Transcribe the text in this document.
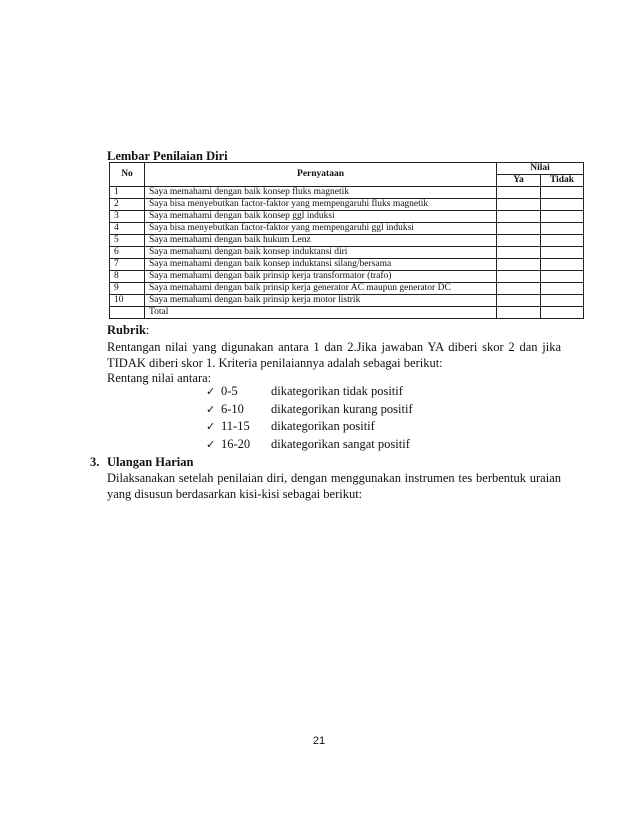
Lembar Penilaian Diri
No	Pernyataan	Nilai	
		Ya	Tidak
1	Saya memahami dengan baik konsep fluks magnetik		
2	Saya bisa menyebutkan factor-faktor yang mempengaruhi fluks magnetik		
3	Saya memahami dengan baik konsep ggl induksi		
4	Saya bisa menyebutkan factor-faktor yang mempengaruhi ggl induksi		
5	Saya memahami dengan baik hukum Lenz		
6	Saya memahami dengan baik konsep induktansi diri		
7	Saya memahami dengan baik konsep induktansi silang/bersama		
8	Saya memahami dengan baik prinsip kerja transformator (trafo)		
9	Saya memahami dengan baik prinsip kerja generator AC maupun generator DC		
10	Saya memahami dengan baik prinsip kerja motor listrik		
	Total		
Rubrik:
Rentangan nilai yang digunakan antara 1 dan 2.Jika jawaban YA diberi skor 2 dan jika TIDAK diberi skor 1. Kriteria penilaiannya adalah sebagai berikut:
Rentang nilai antara:
✓ 0-5	dikategorikan tidak positif
✓ 6-10	dikategorikan kurang positif
✓ 11-15	dikategorikan positif
✓ 16-20	dikategorikan sangat positif
3. Ulangan Harian
Dilaksanakan setelah penilaian diri, dengan menggunakan instrumen tes berbentuk uraian yang disusun berdasarkan kisi-kisi sebagai berikut:
21
